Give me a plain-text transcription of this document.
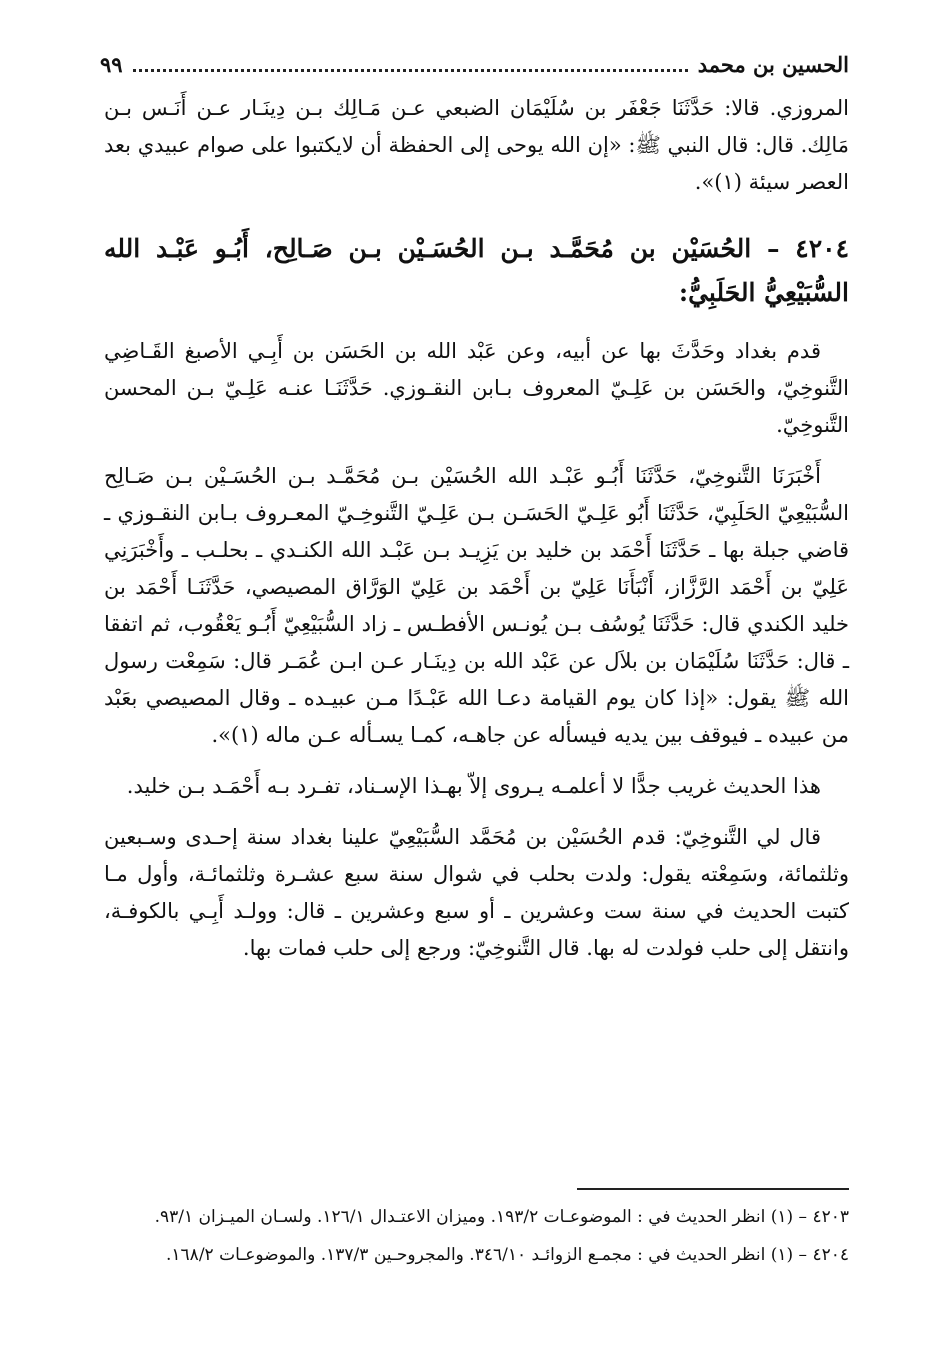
الحسين بن محمد
٩٩

المروزي. قالا: حَدَّثَنَا جَعْفَر بن سُلَيْمَان الضبعي عـن مَـالِك بـن دِينَـار عـن أَنَـس بـن مَالِك. قال: قال النبي ﷺ: «إن الله يوحى إلى الحفظة أن لايكتبوا على صوام عبيدي بعد العصر سيئة (١)».

٤٢٠٤ – الحُسَيْن بن مُحَمَّـد بـن الحُسَـيْن بـن صَـالِح، أَبُـو عَبْـد الله السُّبَيْعِيُّ الحَلَبِيُّ:

قدم بغداد وحَدَّثَ بها عن أبيه، وعن عَبْد الله بن الحَسَن بن أَبِـي الأصبغ القَـاضِي التَّنوخِيّ، والحَسَن بن عَلِـيّ المعروف بـابن النقـوزي. حَدَّثَنَـا عنـه عَلِـيّ بـن المحسن التَّنوخِيّ.

أَخْبَرَنَا التَّنوخِيّ، حَدَّثَنَا أَبُـو عَبْـد الله الحُسَيْن بـن مُحَمَّـد بـن الحُسَـيْن بـن صَـالِح السُّبَيْعِيّ الحَلَبِيّ، حَدَّثَنَا أَبُو عَلِـيّ الحَسَـن بـن عَلِـيّ التَّنوخِـيّ المعـروف بـابن النقـوزي ـ قاضي جبلة بها ـ حَدَّثَنَا أَحْمَد بن خليد بن يَزِيـد بـن عَبْـد الله الكنـدي ـ بحلـب ـ وأَخْبَرَنِي عَلِيّ بن أَحْمَد الرَّزَّاز، أَنْبَأَنَا عَلِيّ بن أَحْمَد بن عَلِيّ الوَرَّاق المصيصي، حَدَّثَنَـا أَحْمَد بن خليد الكندي قال: حَدَّثَنَا يُوسُف بـن يُونـس الأفطـس ـ زاد السُّبَيْعِيّ أَبُـو يَعْقُوب، ثم اتفقا ـ قال: حَدَّثَنَا سُلَيْمَان بن بلاَل عن عَبْد الله بن دِينَـار عـن ابـن عُمَـر قال: سَمِعْت رسول الله ﷺ يقول: «إذا كان يوم القيامة دعـا الله عَبْـدًا مـن عبيـده ـ وقال المصيصي بعَبْد من عبيده ـ فيوقف بين يديه فيسأله عن جاهـه، كمـا يسـأله عـن ماله (١)».

هذا الحديث غريب جدًّا لا أعلمـه يـروى إلاّ بهـذا الإسـناد، تفـرد بـه أَحْمَـد بـن خليد.

قال لي التَّنوخِيّ: قدم الحُسَيْن بن مُحَمَّد السُّبَيْعِيّ علينا بغداد سنة إحـدى وسـبعين وثلثمائة، وسَمِعْته يقول: ولدت بحلب في شوال سنة سبع عشـرة وثلثمائـة، وأول مـا كتبت الحديث في سنة ست وعشرين ـ أو سبع وعشرين ـ قال: وولـد أَبِـي بالكوفـة، وانتقل إلى حلب فولدت له بها. قال التَّنوخِيّ: ورجع إلى حلب فمات بها.

٤٢٠٣ – (١) انظر الحديث في : الموضوعـات ١٩٣/٢. وميزان الاعتـدال ١٢٦/١. ولسـان الميـزان ٩٣/١.
٤٢٠٤ – (١) انظر الحديث في : مجمـع الزوائـد ٣٤٦/١٠. والمجروحـين ١٣٧/٣. والموضوعـات ١٦٨/٢.
